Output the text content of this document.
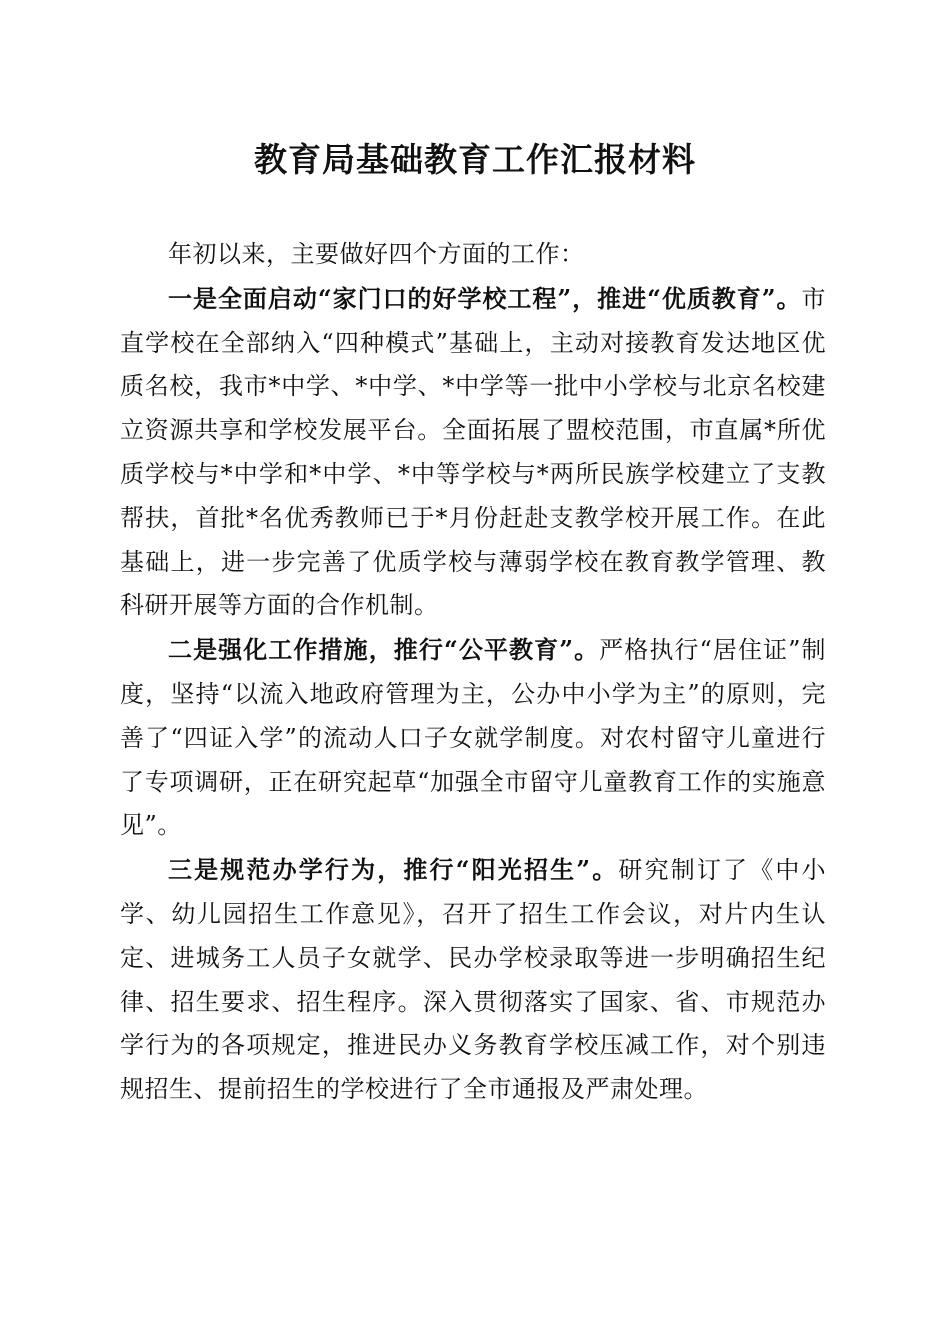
教育局基础教育工作汇报材料

年初以来，主要做好四个方面的工作：

一是全面启动“家门口的好学校工程”，推进“优质教育”。市直学校在全部纳入“四种模式”基础上，主动对接教育发达地区优质名校，我市*中学、*中学、*中学等一批中小学校与北京名校建立资源共享和学校发展平台。全面拓展了盟校范围，市直属*所优质学校与*中学和*中学、*中等学校与*两所民族学校建立了支教帮扶，首批*名优秀教师已于*月份赶赴支教学校开展工作。在此基础上，进一步完善了优质学校与薄弱学校在教育教学管理、教科研开展等方面的合作机制。

二是强化工作措施，推行“公平教育”。严格执行“居住证”制度，坚持“以流入地政府管理为主，公办中小学为主”的原则，完善了“四证入学”的流动人口子女就学制度。对农村留守儿童进行了专项调研，正在研究起草“加强全市留守儿童教育工作的实施意见”。

三是规范办学行为，推行“阳光招生”。研究制订了《中小学、幼儿园招生工作意见》，召开了招生工作会议，对片内生认定、进城务工人员子女就学、民办学校录取等进一步明确招生纪律、招生要求、招生程序。深入贯彻落实了国家、省、市规范办学行为的各项规定，推进民办义务教育学校压减工作，对个别违规招生、提前招生的学校进行了全市通报及严肃处理。
